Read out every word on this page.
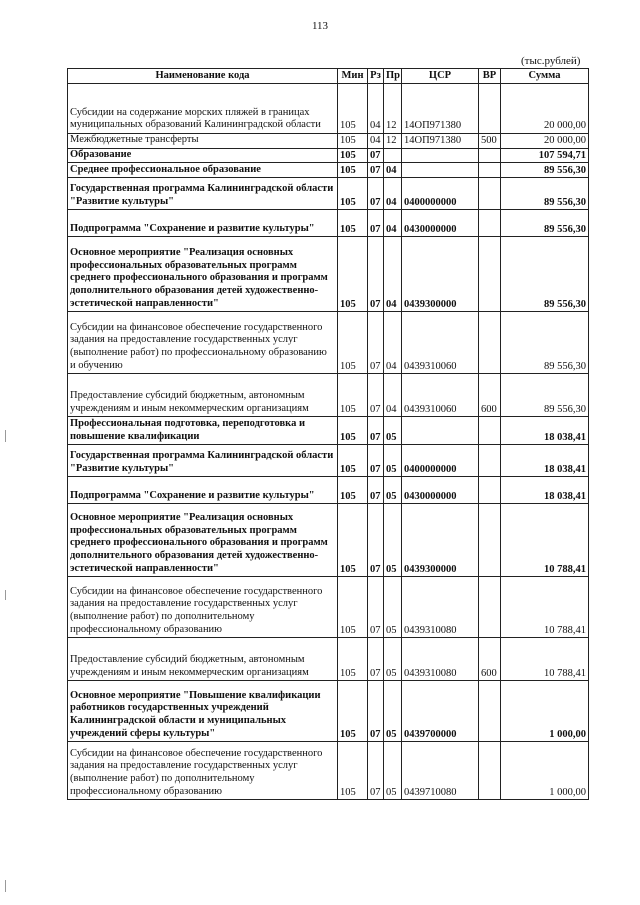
113
(тыс.рублей)
Наименование кода	Мин	Рз	Пр	ЦСР	ВР	Сумма
Субсидии на содержание морских пляжей в границах муниципальных образований Калининградской области	105	04	12	14ОП971380		20 000,00
Межбюджетные трансферты	105	04	12	14ОП971380	500	20 000,00
Образование	105	07				107 594,71
Среднее профессиональное образование	105	07	04			89 556,30
Государственная программа Калининградской области "Развитие культуры"	105	07	04	0400000000		89 556,30
Подпрограмма "Сохранение и развитие культуры"	105	07	04	0430000000		89 556,30
Основное мероприятие "Реализация основных профессиональных образовательных программ среднего профессионального образования и программ дополнительного образования детей художественно-эстетической направленности"	105	07	04	0439300000		89 556,30
Субсидии на финансовое обеспечение государственного задания на предоставление государственных услуг (выполнение работ) по профессиональному образованию и обучению	105	07	04	0439310060		89 556,30
Предоставление субсидий бюджетным, автономным учреждениям и иным некоммерческим организациям	105	07	04	0439310060	600	89 556,30
Профессиональная подготовка, переподготовка и повышение квалификации	105	07	05			18 038,41
Государственная программа Калининградской области "Развитие культуры"	105	07	05	0400000000		18 038,41
Подпрограмма "Сохранение и развитие культуры"	105	07	05	0430000000		18 038,41
Основное мероприятие "Реализация основных профессиональных образовательных программ среднего профессионального образования и программ дополнительного образования детей художественно-эстетической направленности"	105	07	05	0439300000		10 788,41
Субсидии на финансовое обеспечение государственного задания на предоставление государственных услуг (выполнение работ) по дополнительному профессиональному образованию	105	07	05	0439310080		10 788,41
Предоставление субсидий бюджетным, автономным учреждениям и иным некоммерческим организациям	105	07	05	0439310080	600	10 788,41
Основное мероприятие "Повышение квалификации работников государственных учреждений Калининградской области и муниципальных учреждений сферы культуры"	105	07	05	0439700000		1 000,00
Субсидии на финансовое обеспечение государственного задания на предоставление государственных услуг (выполнение работ) по дополнительному профессиональному образованию	105	07	05	0439710080		1 000,00
